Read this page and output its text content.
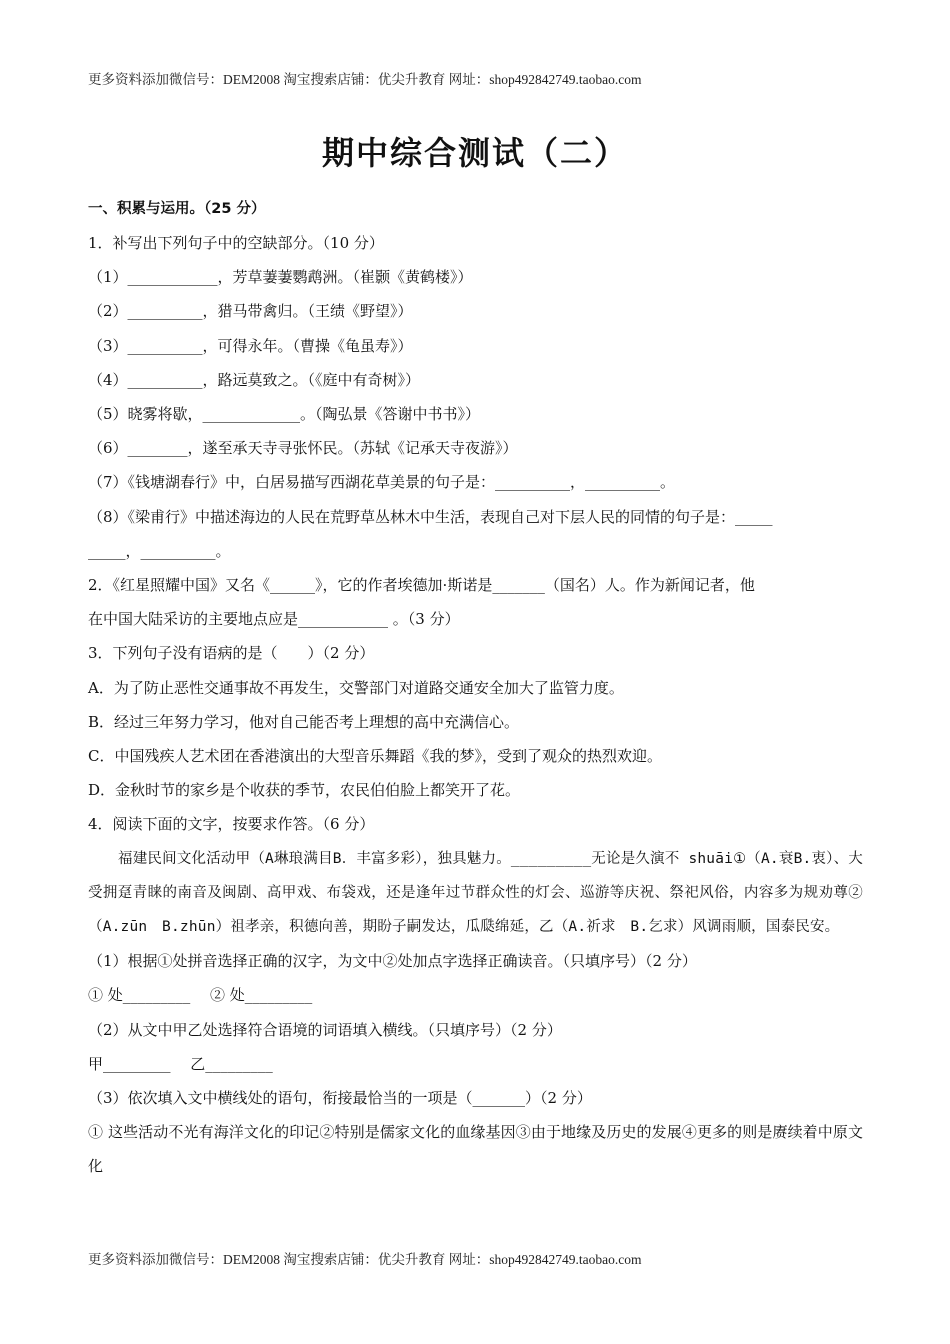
更多资料添加微信号：DEM2008 淘宝搜索店铺：优尖升教育 网址：shop492842749.taobao.com
期中综合测试（二）
一、积累与运用。（25 分）
1．补写出下列句子中的空缺部分。（10 分）
（1）____________，芳草萋萋鹦鹉洲。（崔颢《黄鹤楼》）
（2）__________，猎马带禽归。（王绩《野望》）
（3）__________，可得永年。（曹操《龟虽寿》）
（4）__________，路远莫致之。（《庭中有奇树》）
（5）晓雾将歇，_____________。（陶弘景《答谢中书书》）
（6）________，遂至承天寺寻张怀民。（苏轼《记承天寺夜游》）
（7）《钱塘湖春行》中，白居易描写西湖花草美景的句子是：__________，__________。
（8）《梁甫行》中描述海边的人民在荒野草丛林木中生活，表现自己对下层人民的同情的句子是：_____
_____，__________。
2．《红星照耀中国》又名《______》，它的作者埃德加·斯诺是_______（国名）人。作为新闻记者，他
在中国大陆采访的主要地点应是____________ 。（3 分）
3．下列句子没有语病的是（　　）（2 分）
A．为了防止恶性交通事故不再发生，交警部门对道路交通安全加大了监管力度。
B．经过三年努力学习，他对自己能否考上理想的高中充满信心。
C．中国残疾人艺术团在香港演出的大型音乐舞蹈《我的梦》，受到了观众的热烈欢迎。
D．金秋时节的家乡是个收获的季节，农民伯伯脸上都笑开了花。
4．阅读下面的文字，按要求作答。（6 分）
福建民间文化活动甲（A琳琅满目B．丰富多彩），独具魅力。_________无论是久演不 shuāi①（A.衰B.衷）、大受拥趸青睐的南音及闽剧、高甲戏、布袋戏，还是逢年过节群众性的灯会、巡游等庆祝、祭祀风俗，内容多为规劝尊②（A.zūn　B.zhūn）祖孝亲，积德向善，期盼子嗣发达，瓜瓞绵延，乙（A.祈求　B.乞求）风调雨顺，国泰民安。
（1）根据①处拼音选择正确的汉字，为文中②处加点字选择正确读音。（只填序号）（2 分）
① 处_________　 ② 处_________
（2）从文中甲乙处选择符合语境的词语填入横线。（只填序号）（2 分）
甲_________　 乙_________
（3）依次填入文中横线处的语句，衔接最恰当的一项是（_______）（2 分）
① 这些活动不光有海洋文化的印记②特别是儒家文化的血缘基因③由于地缘及历史的发展④更多的则是赓续着中原文化
更多资料添加微信号：DEM2008 淘宝搜索店铺：优尖升教育 网址：shop492842749.taobao.com
